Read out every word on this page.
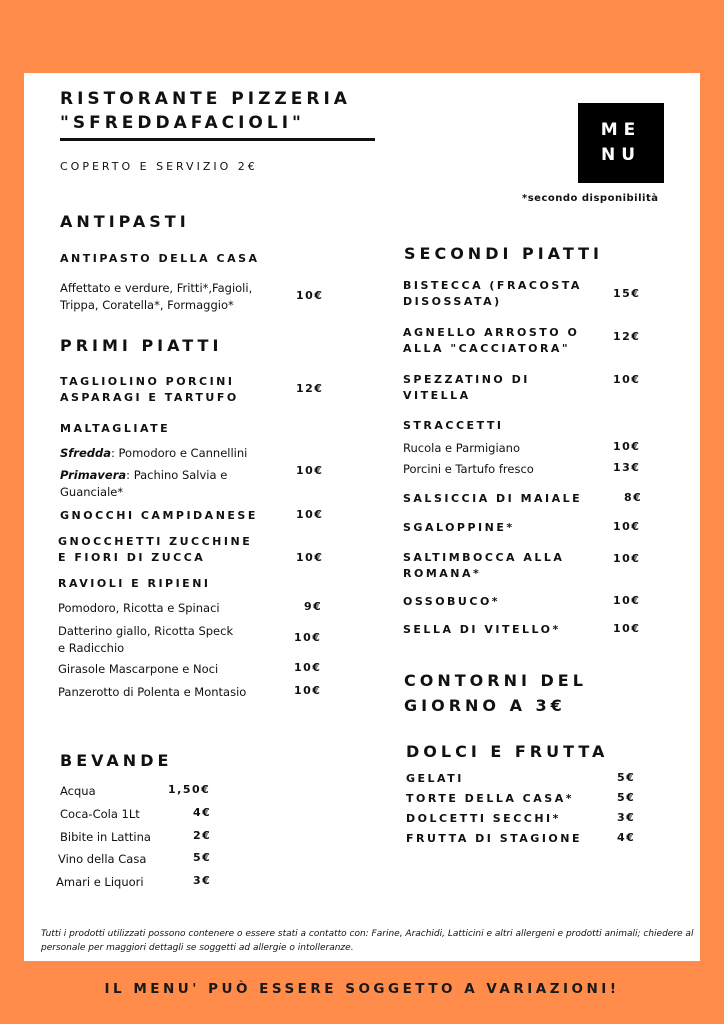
RISTORANTE PIZZERIA
"SFREDDAFACIOLI"
COPERTO E SERVIZIO 2€
ME
NU
*secondo disponibilità
ANTIPASTI
ANTIPASTO DELLA CASA
Affettato e verdure, Fritti*,Fagioli,
Trippa, Coratella*, Formaggio*
10€
PRIMI PIATTI
TAGLIOLINO PORCINI
ASPARAGI E TARTUFO
12€
MALTAGLIATE
Sfredda: Pomodoro e Cannellini
Primavera: Pachino Salvia e
Guanciale*
10€
GNOCCHI CAMPIDANESE	10€
GNOCCHETTI ZUCCHINE
E FIORI DI ZUCCA	10€
RAVIOLI E RIPIENI
Pomodoro, Ricotta e Spinaci	9€
Datterino giallo, Ricotta Speck
e Radicchio
10€
Girasole Mascarpone e Noci	10€
Panzerotto di Polenta e Montasio	10€
BEVANDE
Acqua	1,50€
Coca-Cola 1Lt	4€
Bibite in Lattina	2€
Vino della Casa	5€
Amari e Liquori	3€
SECONDI PIATTI
BISTECCA (FRACOSTA
DISOSSATA)
15€
AGNELLO ARROSTO O
ALLA "CACCIATORA"
12€
SPEZZATINO DI
VITELLA
10€
STRACCETTI
Rucola e Parmigiano	10€
Porcini e Tartufo fresco	13€
SALSICCIA DI MAIALE	8€
SGALOPPINE*	10€
SALTIMBOCCA ALLA
ROMANA*
10€
OSSOBUCO*	10€
SELLA DI VITELLO*	10€
CONTORNI DEL
GIORNO A 3€
DOLCI E FRUTTA
GELATI	5€
TORTE DELLA CASA*	5€
DOLCETTI SECCHI*	3€
FRUTTA DI STAGIONE	4€
Tutti i prodotti utilizzati possono contenere o essere stati a contatto con: Farine, Arachidi, Latticini e altri allergeni e prodotti animali; chiedere al personale per maggiori dettagli se soggetti ad allergie o intolleranze.
IL MENU' PUÒ ESSERE SOGGETTO A VARIAZIONI!
